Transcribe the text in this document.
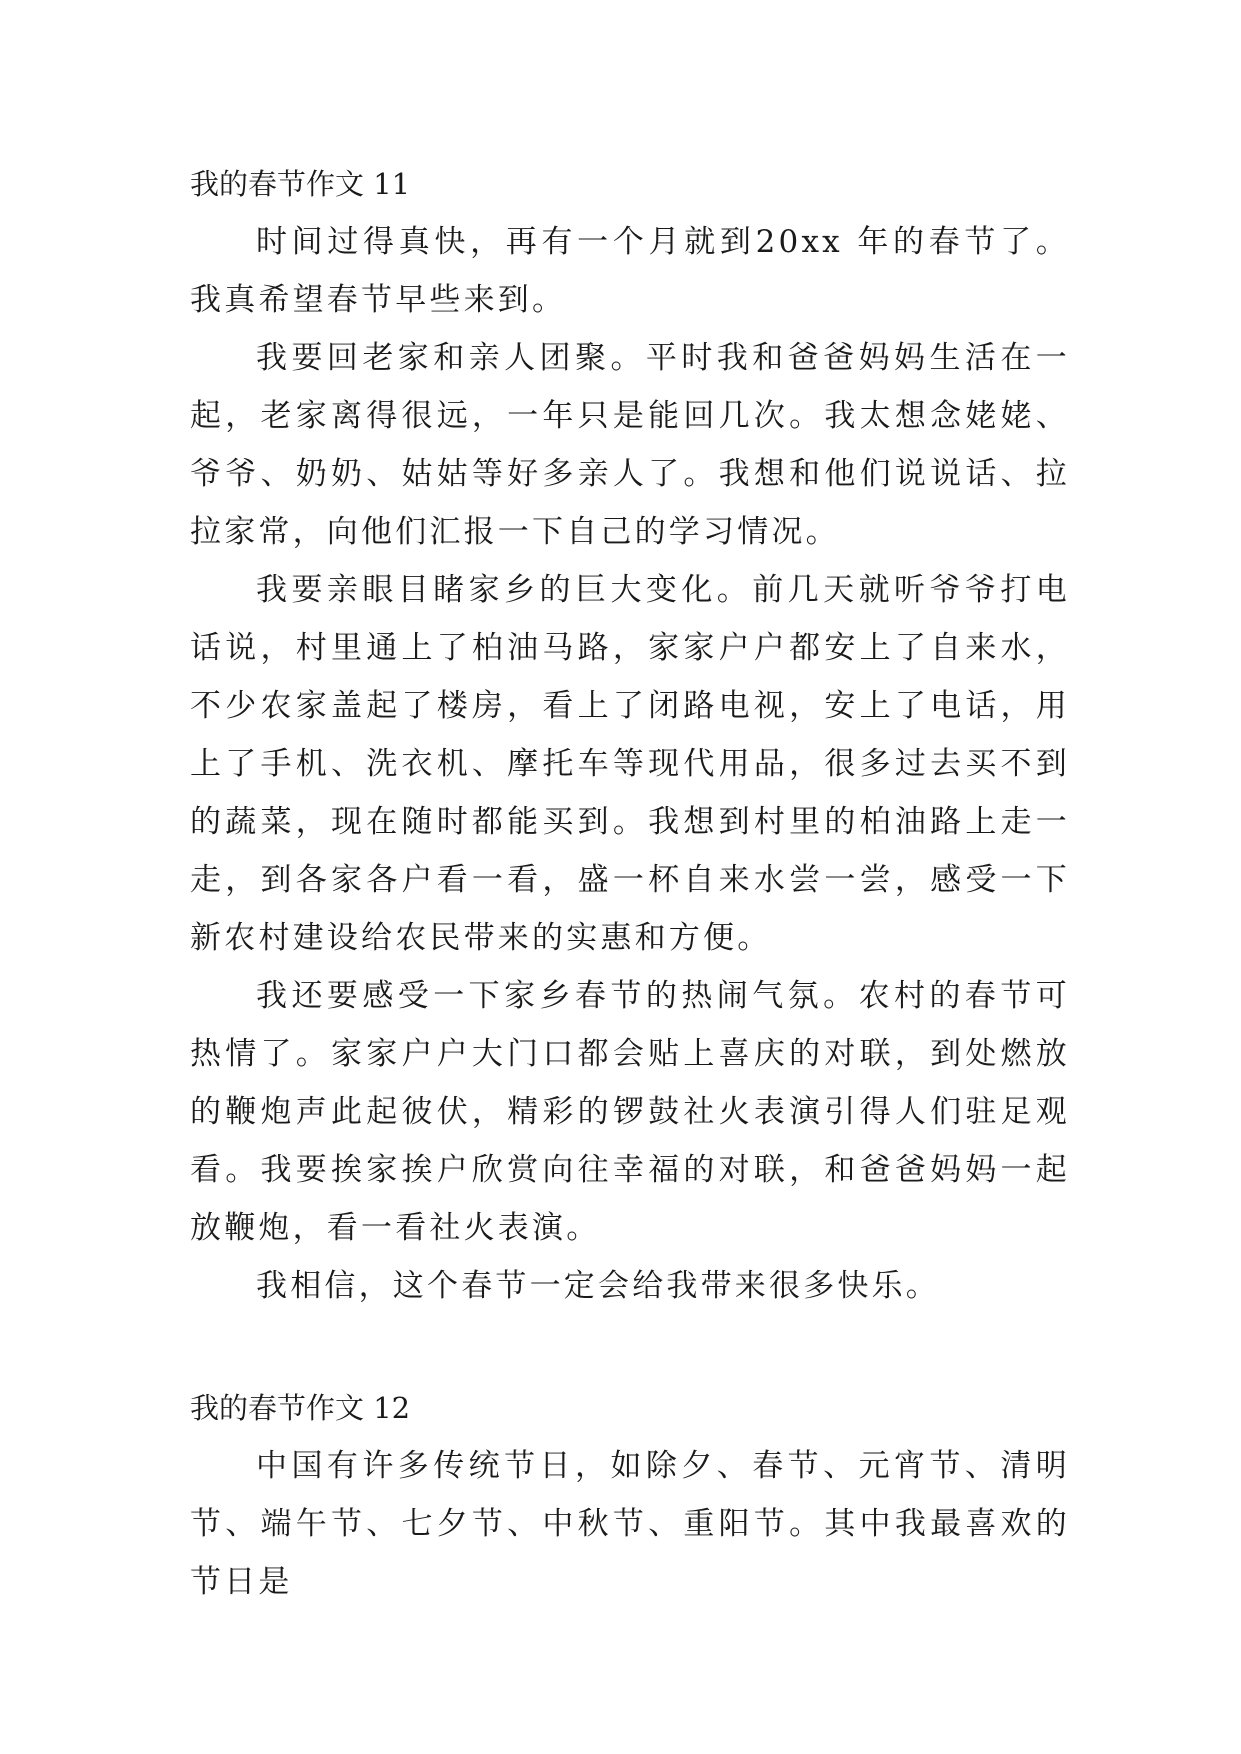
我的春节作文 11

时间过得真快，再有一个月就到20xx 年的春节了。我真希望春节早些来到。

我要回老家和亲人团聚。平时我和爸爸妈妈生活在一起，老家离得很远，一年只是能回几次。我太想念姥姥、爷爷、奶奶、姑姑等好多亲人了。我想和他们说说话、拉拉家常，向他们汇报一下自己的学习情况。

我要亲眼目睹家乡的巨大变化。前几天就听爷爷打电话说，村里通上了柏油马路，家家户户都安上了自来水，不少农家盖起了楼房，看上了闭路电视，安上了电话，用上了手机、洗衣机、摩托车等现代用品，很多过去买不到的蔬菜，现在随时都能买到。我想到村里的柏油路上走一走，到各家各户看一看，盛一杯自来水尝一尝，感受一下新农村建设给农民带来的实惠和方便。

我还要感受一下家乡春节的热闹气氛。农村的春节可热情了。家家户户大门口都会贴上喜庆的对联，到处燃放的鞭炮声此起彼伏，精彩的锣鼓社火表演引得人们驻足观看。我要挨家挨户欣赏向往幸福的对联，和爸爸妈妈一起放鞭炮，看一看社火表演。

我相信，这个春节一定会给我带来很多快乐。

我的春节作文 12

中国有许多传统节日，如除夕、春节、元宵节、清明节、端午节、七夕节、中秋节、重阳节。其中我最喜欢的节日是
